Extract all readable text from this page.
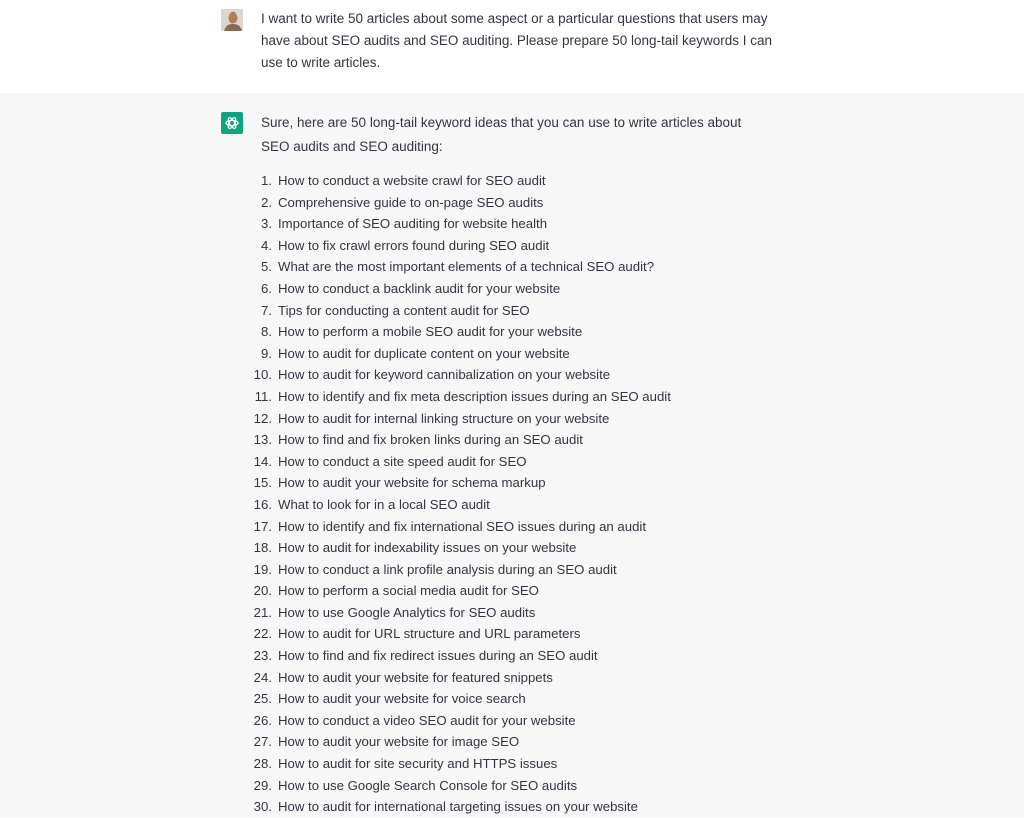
I want to write 50 articles about some aspect or a particular questions that users may have about SEO audits and SEO auditing. Please prepare 50 long-tail keywords I can use to write articles.

Sure, here are 50 long-tail keyword ideas that you can use to write articles about SEO audits and SEO auditing:

1. How to conduct a website crawl for SEO audit
2. Comprehensive guide to on-page SEO audits
3. Importance of SEO auditing for website health
4. How to fix crawl errors found during SEO audit
5. What are the most important elements of a technical SEO audit?
6. How to conduct a backlink audit for your website
7. Tips for conducting a content audit for SEO
8. How to perform a mobile SEO audit for your website
9. How to audit for duplicate content on your website
10. How to audit for keyword cannibalization on your website
11. How to identify and fix meta description issues during an SEO audit
12. How to audit for internal linking structure on your website
13. How to find and fix broken links during an SEO audit
14. How to conduct a site speed audit for SEO
15. How to audit your website for schema markup
16. What to look for in a local SEO audit
17. How to identify and fix international SEO issues during an audit
18. How to audit for indexability issues on your website
19. How to conduct a link profile analysis during an SEO audit
20. How to perform a social media audit for SEO
21. How to use Google Analytics for SEO audits
22. How to audit for URL structure and URL parameters
23. How to find and fix redirect issues during an SEO audit
24. How to audit your website for featured snippets
25. How to audit your website for voice search
26. How to conduct a video SEO audit for your website
27. How to audit your website for image SEO
28. How to audit for site security and HTTPS issues
29. How to use Google Search Console for SEO audits
30. How to audit for international targeting issues on your website
